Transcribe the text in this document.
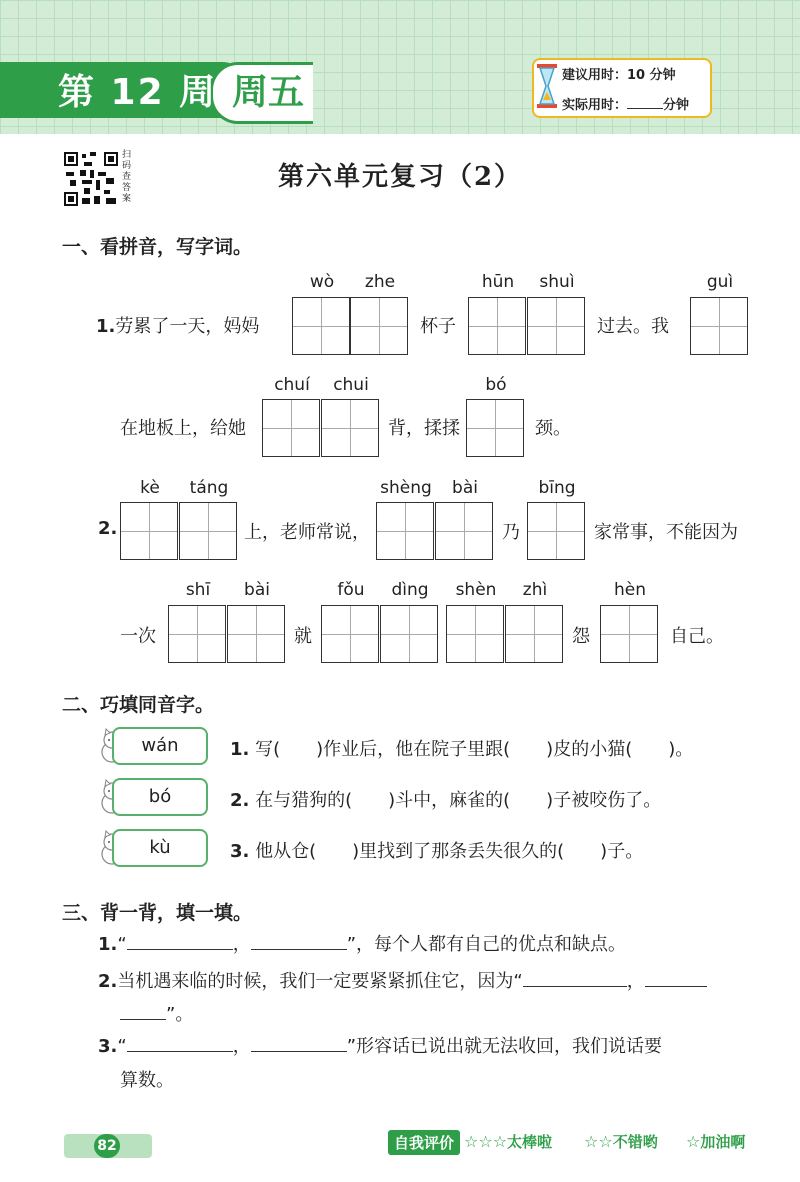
第 12 周 周五	建议用时：10 分钟
实际用时：	分钟
扫码查答案
第六单元复习（2）
一、看拼音，写字词。
wò	zhe	hūn	shuì	guì
1.劳累了一天，妈妈	杯子	过去。我
chuí	chui	bó
在地板上，给她	背，揉揉	颈。
kè	táng	shèng	bài	bīng
2.	上，老师常说，	乃	家常事，不能因为
shī	bài	fǒu	dìng	shèn	zhì	hèn
一次	就	怨	自己。
二、巧填同音字。
wán	1. 写(　　)作业后，他在院子里跟(　　)皮的小猫(　　)。
bó	2. 在与猎狗的(　　)斗中，麻雀的(　　)子被咬伤了。
kù	3. 他从仓(　　)里找到了那条丢失很久的(　　)子。
三、背一背，填一填。
1.“	，	”，每个人都有自己的优点和缺点。
2.当机遇来临的时候，我们一定要紧紧抓住它，因为“	，
”。
3.“	，	”形容话已说出就无法收回，我们说话要
算数。
82	自我评价 ☆☆☆太棒啦 ☆☆不错哟 ☆加油啊
